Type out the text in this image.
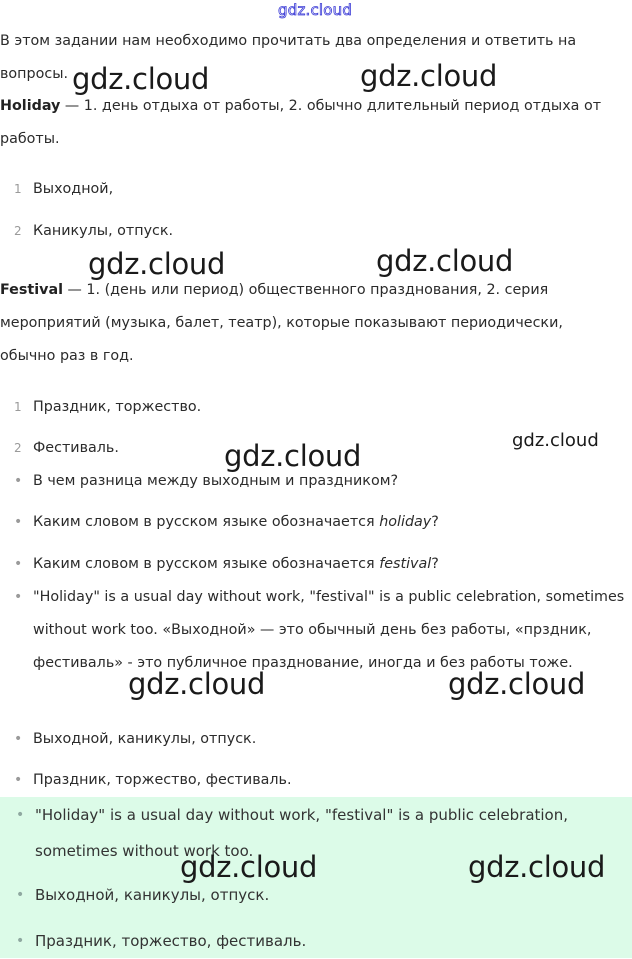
gdz.cloud

В этом задании нам необходимо прочитать два определения и ответить на вопросы.

Holiday — 1. день отдыха от работы, 2. обычно длительный период отдыха от работы.

1 Выходной,
2 Каникулы, отпуск.

Festival — 1. (день или период) общественного празднования, 2. серия мероприятий (музыка, балет, театр), которые показывают периодически, обычно раз в год.

1 Праздник, торжество.
2 Фестиваль.
• В чем разница между выходным и праздником?
• Каким словом в русском языке обозначается holiday?
• Каким словом в русском языке обозначается festival?
• "Holiday" is a usual day without work, "festival" is a public celebration, sometimes without work too. «Выходной» — это обычный день без работы, «прздник, фестиваль» - это публичное празднование, иногда и без работы тоже.
• Выходной, каникулы, отпуск.
• Праздник, торжество, фестиваль.
• "Holiday" is a usual day without work, "festival" is a public celebration, sometimes without work too.
• Выходной, каникулы, отпуск.
• Праздник, торжество, фестиваль.
gdz.cloud	gdz.cloud
gdz.cloud	gdz.cloud
gdz.cloud	gdz.cloud
gdz.cloud	gdz.cloud
gdz.cloud	gdz.cloud
